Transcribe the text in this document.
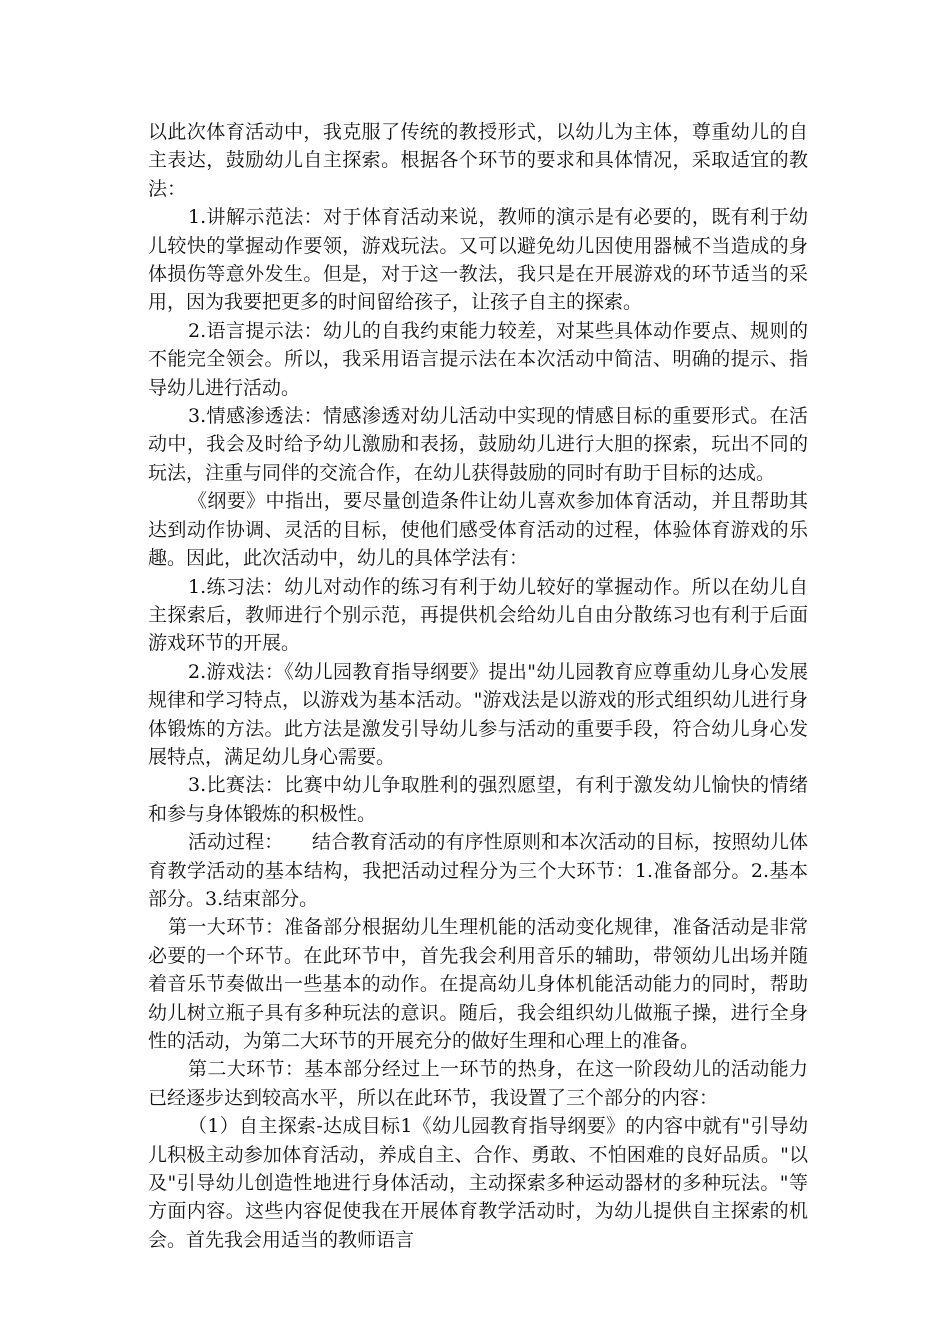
以此次体育活动中，我克服了传统的教授形式，以幼儿为主体，尊重幼儿的自主表达，鼓励幼儿自主探索。根据各个环节的要求和具体情况，采取适宜的教法：

1.讲解示范法：对于体育活动来说，教师的演示是有必要的，既有利于幼儿较快的掌握动作要领，游戏玩法。又可以避免幼儿因使用器械不当造成的身体损伤等意外发生。但是，对于这一教法，我只是在开展游戏的环节适当的采用，因为我要把更多的时间留给孩子，让孩子自主的探索。

2.语言提示法：幼儿的自我约束能力较差，对某些具体动作要点、规则的不能完全领会。所以，我采用语言提示法在本次活动中简洁、明确的提示、指导幼儿进行活动。

3.情感渗透法：情感渗透对幼儿活动中实现的情感目标的重要形式。在活动中，我会及时给予幼儿激励和表扬，鼓励幼儿进行大胆的探索，玩出不同的玩法，注重与同伴的交流合作，在幼儿获得鼓励的同时有助于目标的达成。

《纲要》中指出，要尽量创造条件让幼儿喜欢参加体育活动，并且帮助其达到动作协调、灵活的目标，使他们感受体育活动的过程，体验体育游戏的乐趣。因此，此次活动中，幼儿的具体学法有：

1.练习法：幼儿对动作的练习有利于幼儿较好的掌握动作。所以在幼儿自主探索后，教师进行个别示范，再提供机会给幼儿自由分散练习也有利于后面游戏环节的开展。

2.游戏法：《幼儿园教育指导纲要》提出"幼儿园教育应尊重幼儿身心发展规律和学习特点，以游戏为基本活动。"游戏法是以游戏的形式组织幼儿进行身体锻炼的方法。此方法是激发引导幼儿参与活动的重要手段，符合幼儿身心发展特点，满足幼儿身心需要。

3.比赛法：比赛中幼儿争取胜利的强烈愿望，有利于激发幼儿愉快的情绪和参与身体锻炼的积极性。

活动过程：　　结合教育活动的有序性原则和本次活动的目标，按照幼儿体育教学活动的基本结构，我把活动过程分为三个大环节：1.准备部分。2.基本部分。3.结束部分。

第一大环节：准备部分根据幼儿生理机能的活动变化规律，准备活动是非常必要的一个环节。在此环节中，首先我会利用音乐的辅助，带领幼儿出场并随着音乐节奏做出一些基本的动作。在提高幼儿身体机能活动能力的同时，帮助幼儿树立瓶子具有多种玩法的意识。随后，我会组织幼儿做瓶子操，进行全身性的活动，为第二大环节的开展充分的做好生理和心理上的准备。

第二大环节：基本部分经过上一环节的热身，在这一阶段幼儿的活动能力已经逐步达到较高水平，所以在此环节，我设置了三个部分的内容：

（1）自主探索-达成目标1《幼儿园教育指导纲要》的内容中就有"引导幼儿积极主动参加体育活动，养成自主、合作、勇敢、不怕困难的良好品质。"以及"引导幼儿创造性地进行身体活动，主动探索多种运动器材的多种玩法。"等方面内容。这些内容促使我在开展体育教学活动时，为幼儿提供自主探索的机会。首先我会用适当的教师语言
